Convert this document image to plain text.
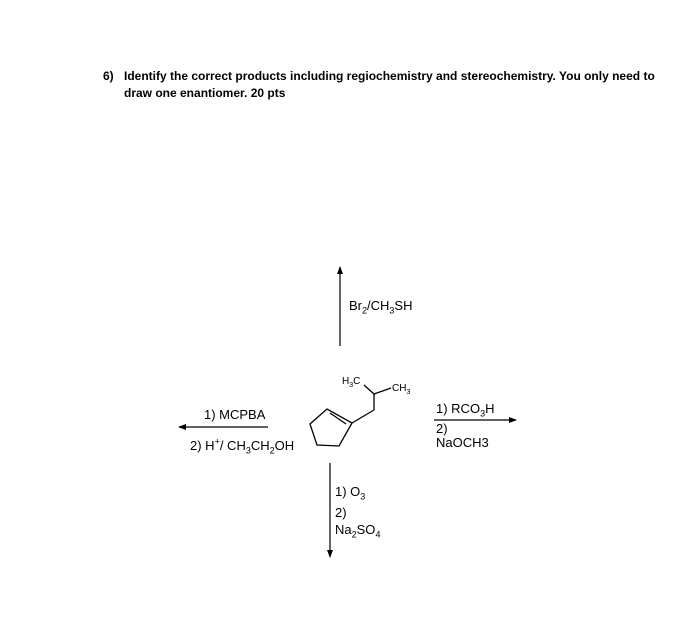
6) Identify the correct products including regiochemistry and stereochemistry. You only need to
draw one enantiomer. 20 pts
$H_3C$
$CH_3$
$Br_2/CH_3SH$
1) MCPBA
2) H+/ $CH_3CH_2OH$
1) $RCO_3H$
2)
NaOCH3
1) $O_3$
2)
$Na_2SO_4$
